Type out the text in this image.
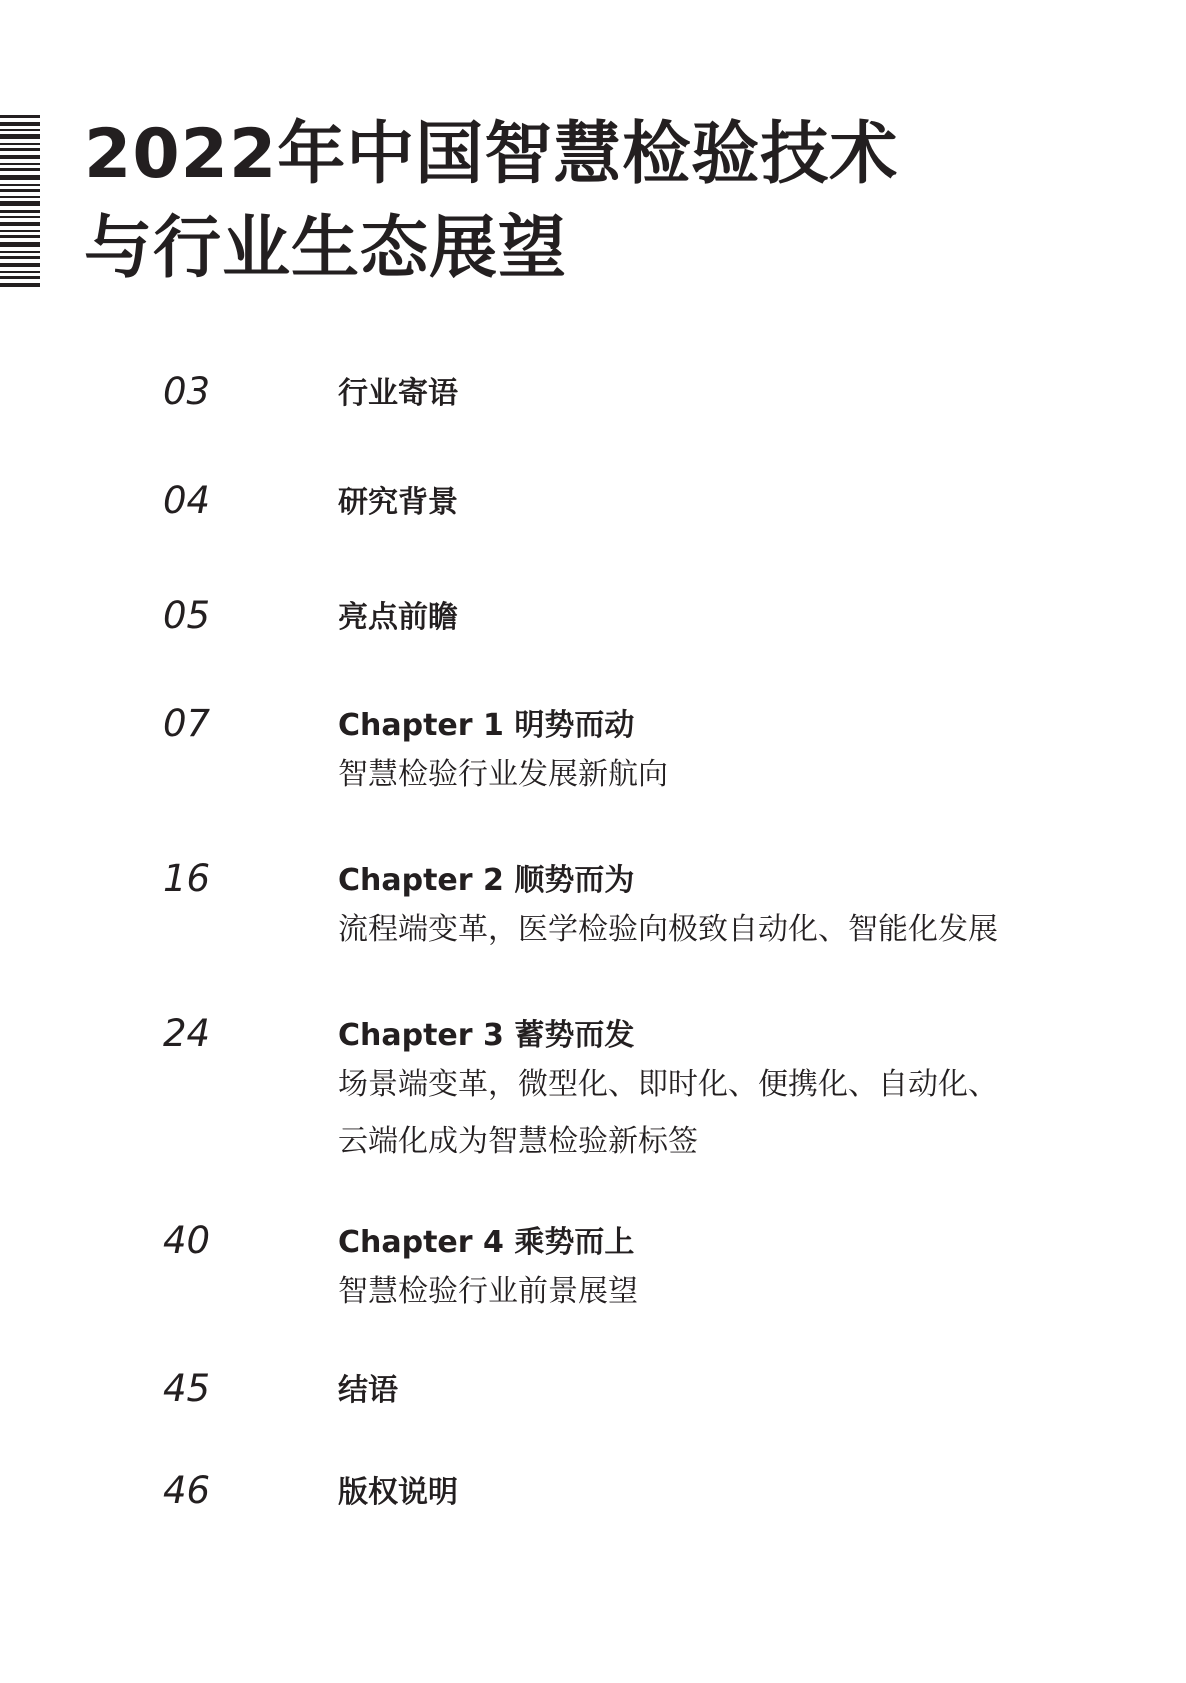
2022年中国智慧检验技术
与行业生态展望
03	行业寄语
04	研究背景
05	亮点前瞻
07	Chapter 1 明势而动
智慧检验行业发展新航向
16	Chapter 2 顺势而为
流程端变革，医学检验向极致自动化、智能化发展
24	Chapter 3 蓄势而发
场景端变革，微型化、即时化、便携化、自动化、
云端化成为智慧检验新标签
40	Chapter 4 乘势而上
智慧检验行业前景展望
45	结语
46	版权说明
